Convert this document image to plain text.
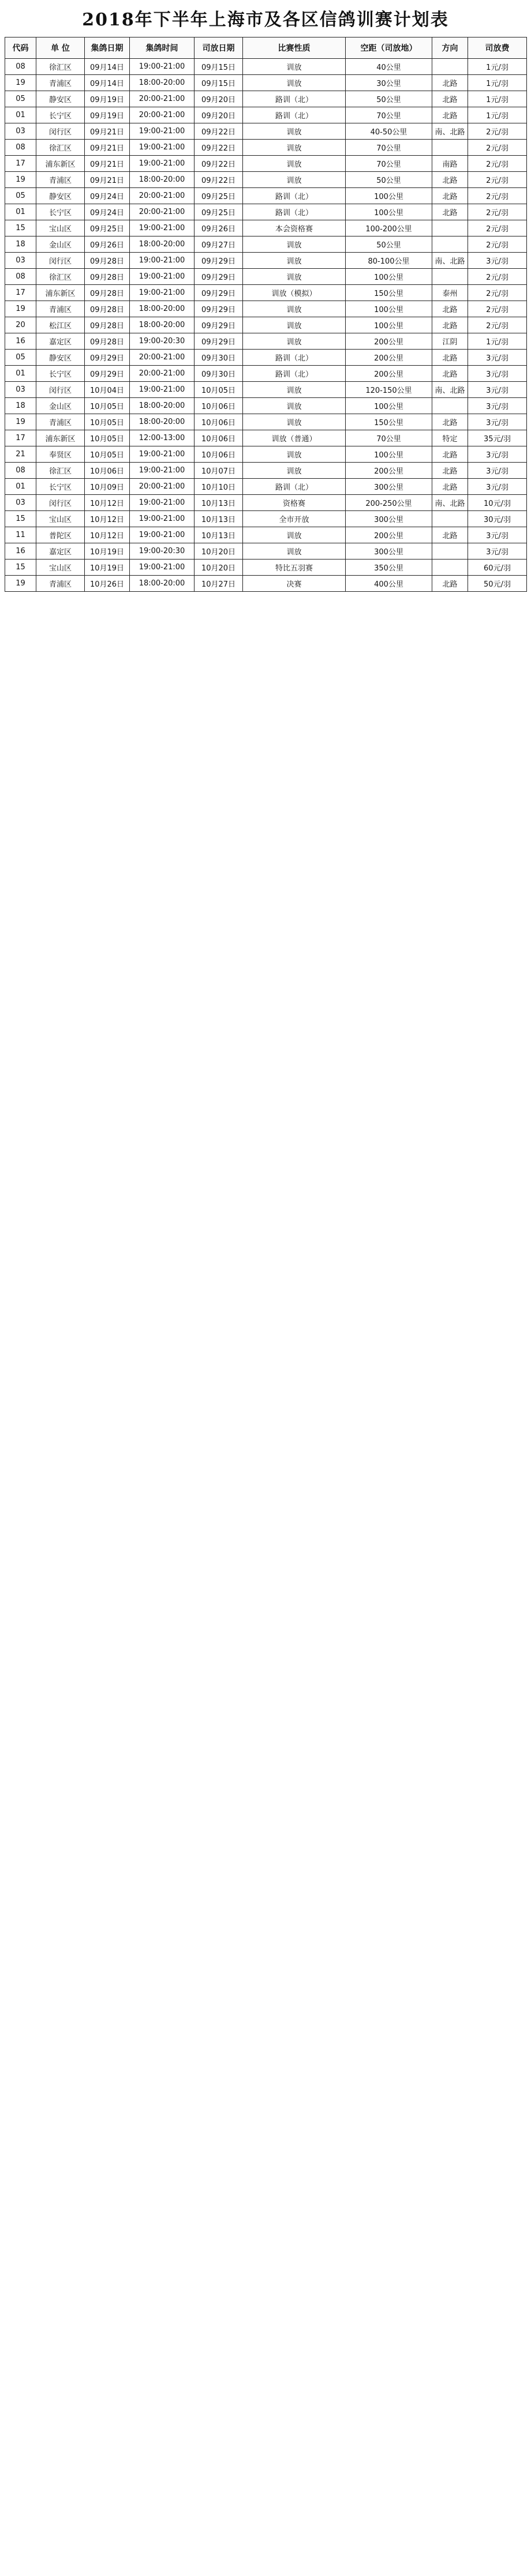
2018年下半年上海市及各区信鸽训赛计划表
代码	单 位	集鸽日期	集鸽时间	司放日期	比赛性质	空距（司放地）	方向	司放费
08	徐汇区	09月14日	19:00-21:00	09月15日	训放	40公里		1元/羽
19	青浦区	09月14日	18:00-20:00	09月15日	训放	30公里	北路	1元/羽
05	静安区	09月19日	20:00-21:00	09月20日	路训（北）	50公里	北路	1元/羽
01	长宁区	09月19日	20:00-21:00	09月20日	路训（北）	70公里	北路	1元/羽
03	闵行区	09月21日	19:00-21:00	09月22日	训放	40-50公里	南、北路	2元/羽
08	徐汇区	09月21日	19:00-21:00	09月22日	训放	70公里		2元/羽
17	浦东新区	09月21日	19:00-21:00	09月22日	训放	70公里	南路	2元/羽
19	青浦区	09月21日	18:00-20:00	09月22日	训放	50公里	北路	2元/羽
05	静安区	09月24日	20:00-21:00	09月25日	路训（北）	100公里	北路	2元/羽
01	长宁区	09月24日	20:00-21:00	09月25日	路训（北）	100公里	北路	2元/羽
15	宝山区	09月25日	19:00-21:00	09月26日	本会资格赛	100-200公里		2元/羽
18	金山区	09月26日	18:00-20:00	09月27日	训放	50公里		2元/羽
03	闵行区	09月28日	19:00-21:00	09月29日	训放	80-100公里	南、北路	3元/羽
08	徐汇区	09月28日	19:00-21:00	09月29日	训放	100公里		2元/羽
17	浦东新区	09月28日	19:00-21:00	09月29日	训放（模拟）	150公里	泰州	2元/羽
19	青浦区	09月28日	18:00-20:00	09月29日	训放	100公里	北路	2元/羽
20	松江区	09月28日	18:00-20:00	09月29日	训放	100公里	北路	2元/羽
16	嘉定区	09月28日	19:00-20:30	09月29日	训放	200公里	江阴	1元/羽
05	静安区	09月29日	20:00-21:00	09月30日	路训（北）	200公里	北路	3元/羽
01	长宁区	09月29日	20:00-21:00	09月30日	路训（北）	200公里	北路	3元/羽
03	闵行区	10月04日	19:00-21:00	10月05日	训放	120-150公里	南、北路	3元/羽
18	金山区	10月05日	18:00-20:00	10月06日	训放	100公里		3元/羽
19	青浦区	10月05日	18:00-20:00	10月06日	训放	150公里	北路	3元/羽
17	浦东新区	10月05日	12:00-13:00	10月06日	训放（普通）	70公里	特定	35元/羽
21	奉贤区	10月05日	19:00-21:00	10月06日	训放	100公里	北路	3元/羽
08	徐汇区	10月06日	19:00-21:00	10月07日	训放	200公里	北路	3元/羽
01	长宁区	10月09日	20:00-21:00	10月10日	路训（北）	300公里	北路	3元/羽
03	闵行区	10月12日	19:00-21:00	10月13日	资格赛	200-250公里	南、北路	10元/羽
15	宝山区	10月12日	19:00-21:00	10月13日	全市开放	300公里		30元/羽
11	普陀区	10月12日	19:00-21:00	10月13日	训放	200公里	北路	3元/羽
16	嘉定区	10月19日	19:00-20:30	10月20日	训放	300公里		3元/羽
15	宝山区	10月19日	19:00-21:00	10月20日	特比五羽赛	350公里		60元/羽
19	青浦区	10月26日	18:00-20:00	10月27日	决赛	400公里	北路	50元/羽
